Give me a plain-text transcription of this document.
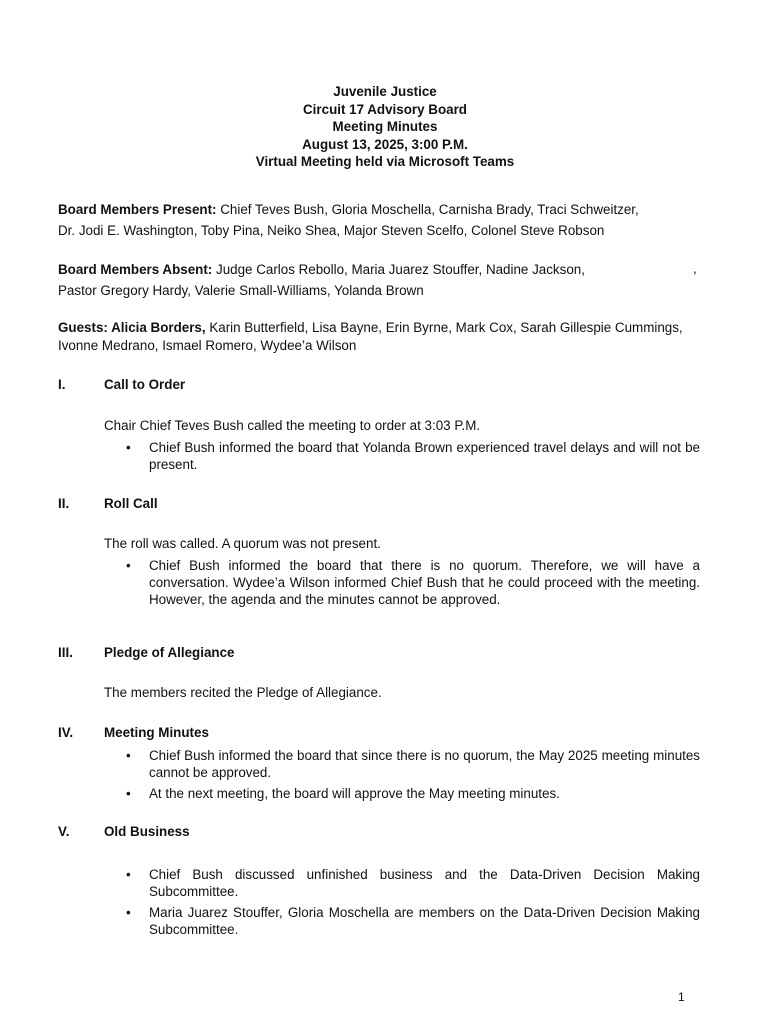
Juvenile Justice
Circuit 17 Advisory Board
Meeting Minutes
August 13, 2025, 3:00 P.M.
Virtual Meeting held via Microsoft Teams
Board Members Present: Chief Teves Bush, Gloria Moschella, Carnisha Brady, Traci Schweitzer,
Dr. Jodi E. Washington, Toby Pina, Neiko Shea, Major Steven Scelfo, Colonel Steve Robson
Board Members Absent: Judge Carlos Rebollo, Maria Juarez Stouffer, Nadine Jackson,
Pastor Gregory Hardy, Valerie Small-Williams, Yolanda Brown
,
Guests: Alicia Borders, Karin Butterfield, Lisa Bayne, Erin Byrne, Mark Cox, Sarah Gillespie Cummings,
Ivonne Medrano, Ismael Romero, Wydee’a Wilson
I.	Call to Order
Chair Chief Teves Bush called the meeting to order at 3:03 P.M.
• Chief Bush informed the board that Yolanda Brown experienced travel delays and will not be present.
II.	Roll Call
The roll was called. A quorum was not present.
• Chief Bush informed the board that there is no quorum. Therefore, we will have a conversation. Wydee’a Wilson informed Chief Bush that he could proceed with the meeting. However, the agenda and the minutes cannot be approved.
III. Pledge of Allegiance
The members recited the Pledge of Allegiance.
IV. Meeting Minutes
• Chief Bush informed the board that since there is no quorum, the May 2025 meeting minutes cannot be approved.
• At the next meeting, the board will approve the May meeting minutes.
V.	Old Business
• Chief Bush discussed unfinished business and the Data-Driven Decision Making Subcommittee.
• Maria Juarez Stouffer, Gloria Moschella are members on the Data-Driven Decision Making Subcommittee.
1
